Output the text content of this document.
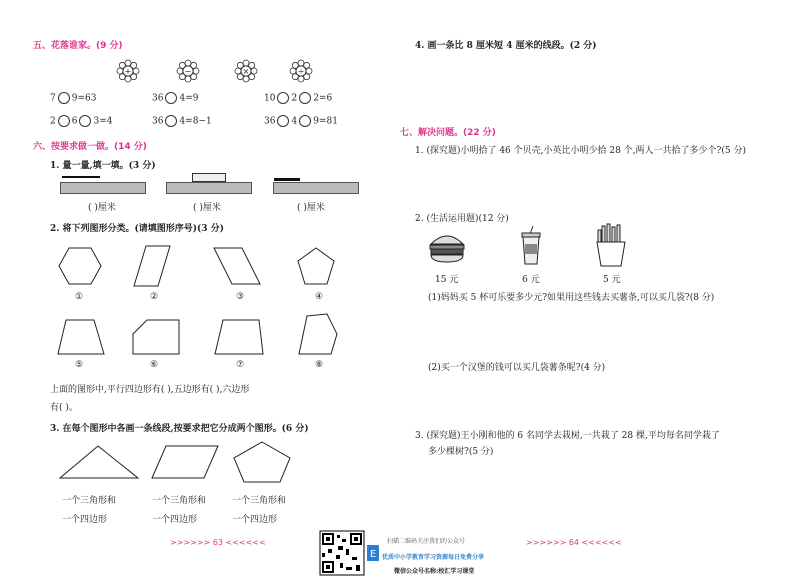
五、花落谁家。(9 分)
+	−	×	÷
7 9=63	36 4=9	10 2 2=6
2 6 3=4	36 4=8−1	36 4 9=81
六、按要求做一做。(14 分)
1. 量一量,填一填。(3 分)
( )厘米	( )厘米	( )厘米
2. 将下列图形分类。(请填图形序号)(3 分)
①	②	③	④
⑤	⑥	⑦	⑧
上面的图形中,平行四边形有( ),五边形有( ),六边形
有( )。
3. 在每个图形中各画一条线段,按要求把它分成两个图形。(6 分)
一个三角形和	一个三角形和	一个三角形和
一个四边形	一个四边形	一个四边形
>>>>>> 63 <<<<<<
4. 画一条比 8 厘米短 4 厘米的线段。(2 分)
七、解决问题。(22 分)
1. (探究题)小明拾了 46 个贝壳,小英比小明少拾 28 个,两人一共拾了多少个?(5 分)
2. (生活运用题)(12 分)
15 元	6 元	5 元
(1)妈妈买 5 杯可乐要多少元?如果用这些钱去买薯条,可以买几袋?(8 分)
(2)买一个汉堡的钱可以买几袋薯条呢?(4 分)
3. (探究题)王小刚和他的 6 名同学去栽树,一共栽了 28 棵,平均每名同学栽了
多少棵树?(5 分)
>>>>>> 64 <<<<<<
E
扫描二维码关注我们的公众号
优质中小学教育学习资源每日免费分享
微信公众号名称:校汇学习课堂
